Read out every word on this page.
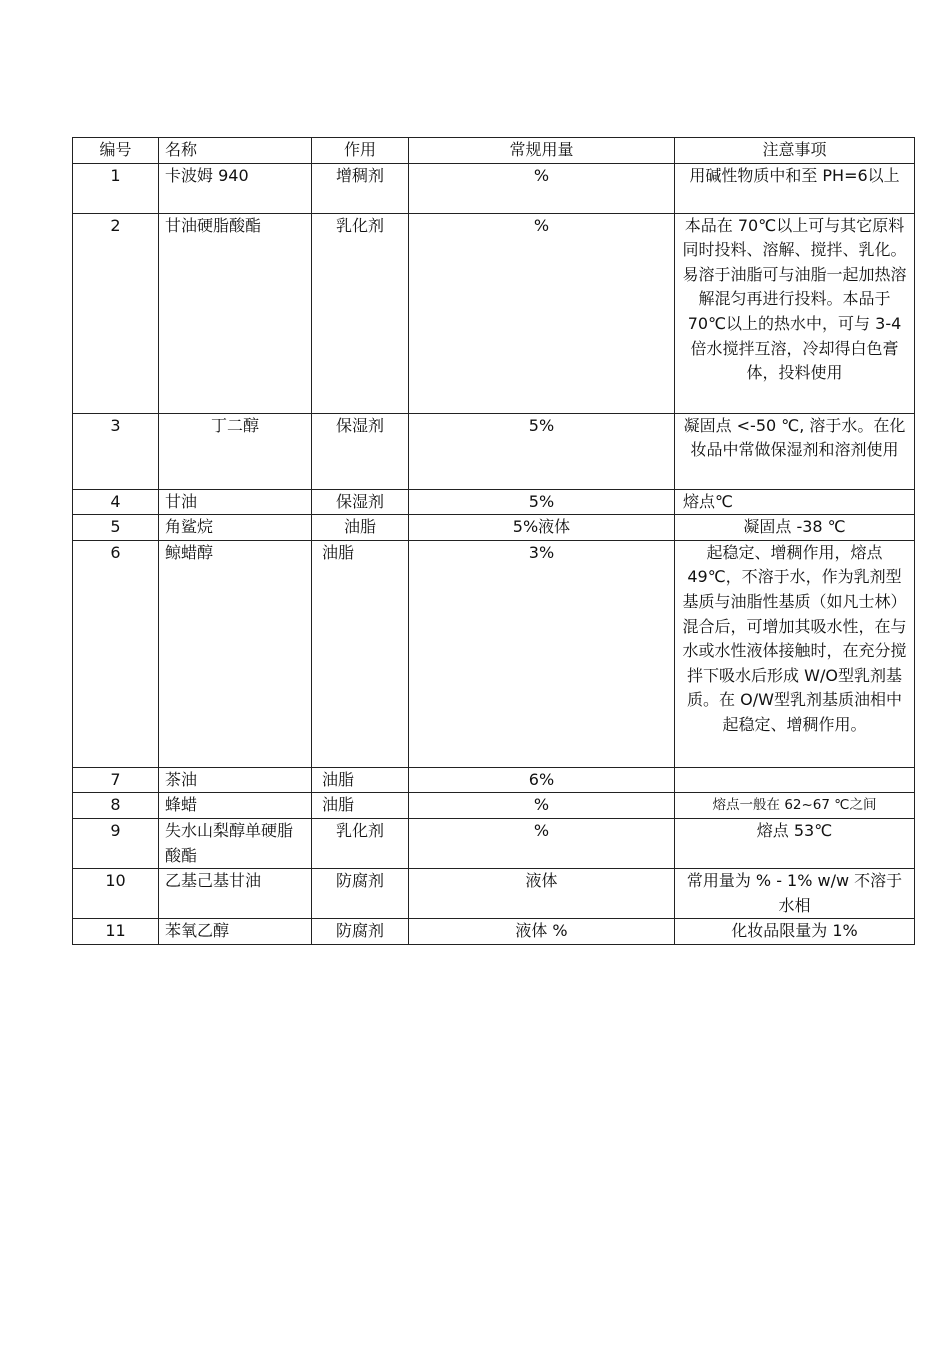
编号	名称	作用	常规用量	注意事项
1	卡波姆 940	增稠剂	%	用碱性物质中和至 PH=6以上
2	甘油硬脂酸酯	乳化剂	%	本品在 70℃以上可与其它原料同时投料、溶解、搅拌、乳化。易溶于油脂可与油脂一起加热溶解混匀再进行投料。本品于 70℃以上的热水中，可与 3-4 倍水搅拌互溶，冷却得白色膏体，投料使用
3	丁二醇	保湿剂	5%	凝固点 <-50 ℃, 溶于水。在化妆品中常做保湿剂和溶剂使用
4	甘油	保湿剂	5%	熔点℃
5	角鲨烷	油脂	5%液体	凝固点 -38 ℃
6	鲸蜡醇	油脂	3%	起稳定、增稠作用，熔点 49℃，不溶于水，作为乳剂型基质与油脂性基质（如凡士林）混合后，可增加其吸水性，在与水或水性液体接触时，在充分搅拌下吸水后形成 W/O型乳剂基质。在 O/W型乳剂基质油相中起稳定、增稠作用。
7	茶油	油脂	6%	
8	蜂蜡	油脂	%	熔点一般在 62~67 ℃之间
9	失水山梨醇单硬脂酸酯	乳化剂	%	熔点 53℃
10	乙基己基甘油	防腐剂	液体	常用量为 % - 1% w/w 不溶于水相
11	苯氧乙醇	防腐剂	液体 %	化妆品限量为 1%
